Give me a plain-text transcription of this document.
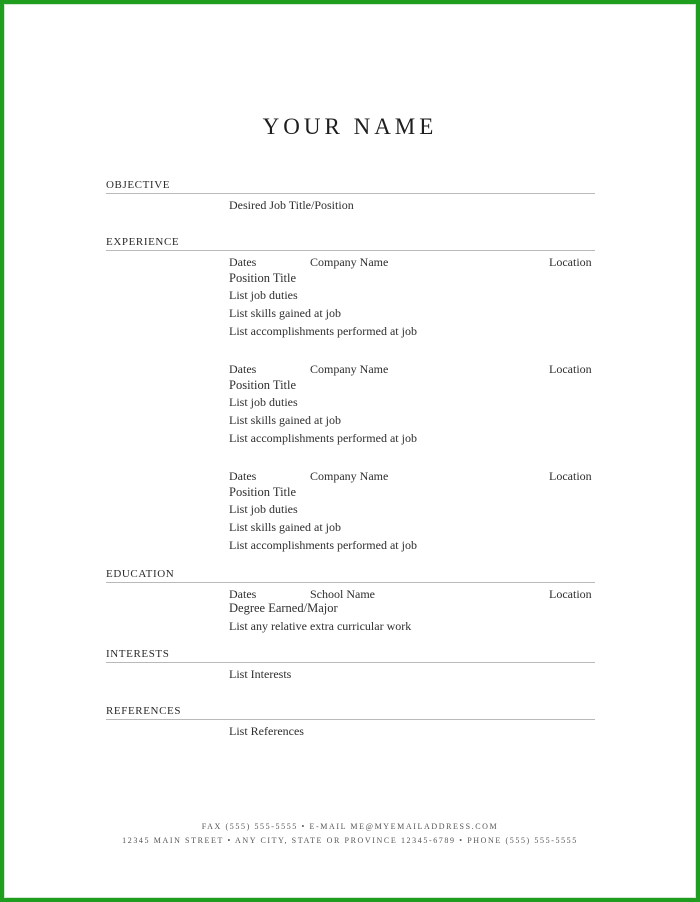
YOUR NAME
OBJECTIVE
Desired Job Title/Position
EXPERIENCE
Dates	Company Name	Location
Position Title
List job duties
List skills gained at job
List accomplishments performed at job
Dates	Company Name	Location
Position Title
List job duties
List skills gained at job
List accomplishments performed at job
Dates	Company Name	Location
Position Title
List job duties
List skills gained at job
List accomplishments performed at job
EDUCATION
Dates	School Name	Location
Degree Earned/Major
List any relative extra curricular work
INTERESTS
List Interests
REFERENCES
List References
FAX (555) 555-5555 • E-MAIL ME@MYEMAILADDRESS.COM
12345 MAIN STREET • ANY CITY, STATE OR PROVINCE 12345-6789 • PHONE (555) 555-5555
